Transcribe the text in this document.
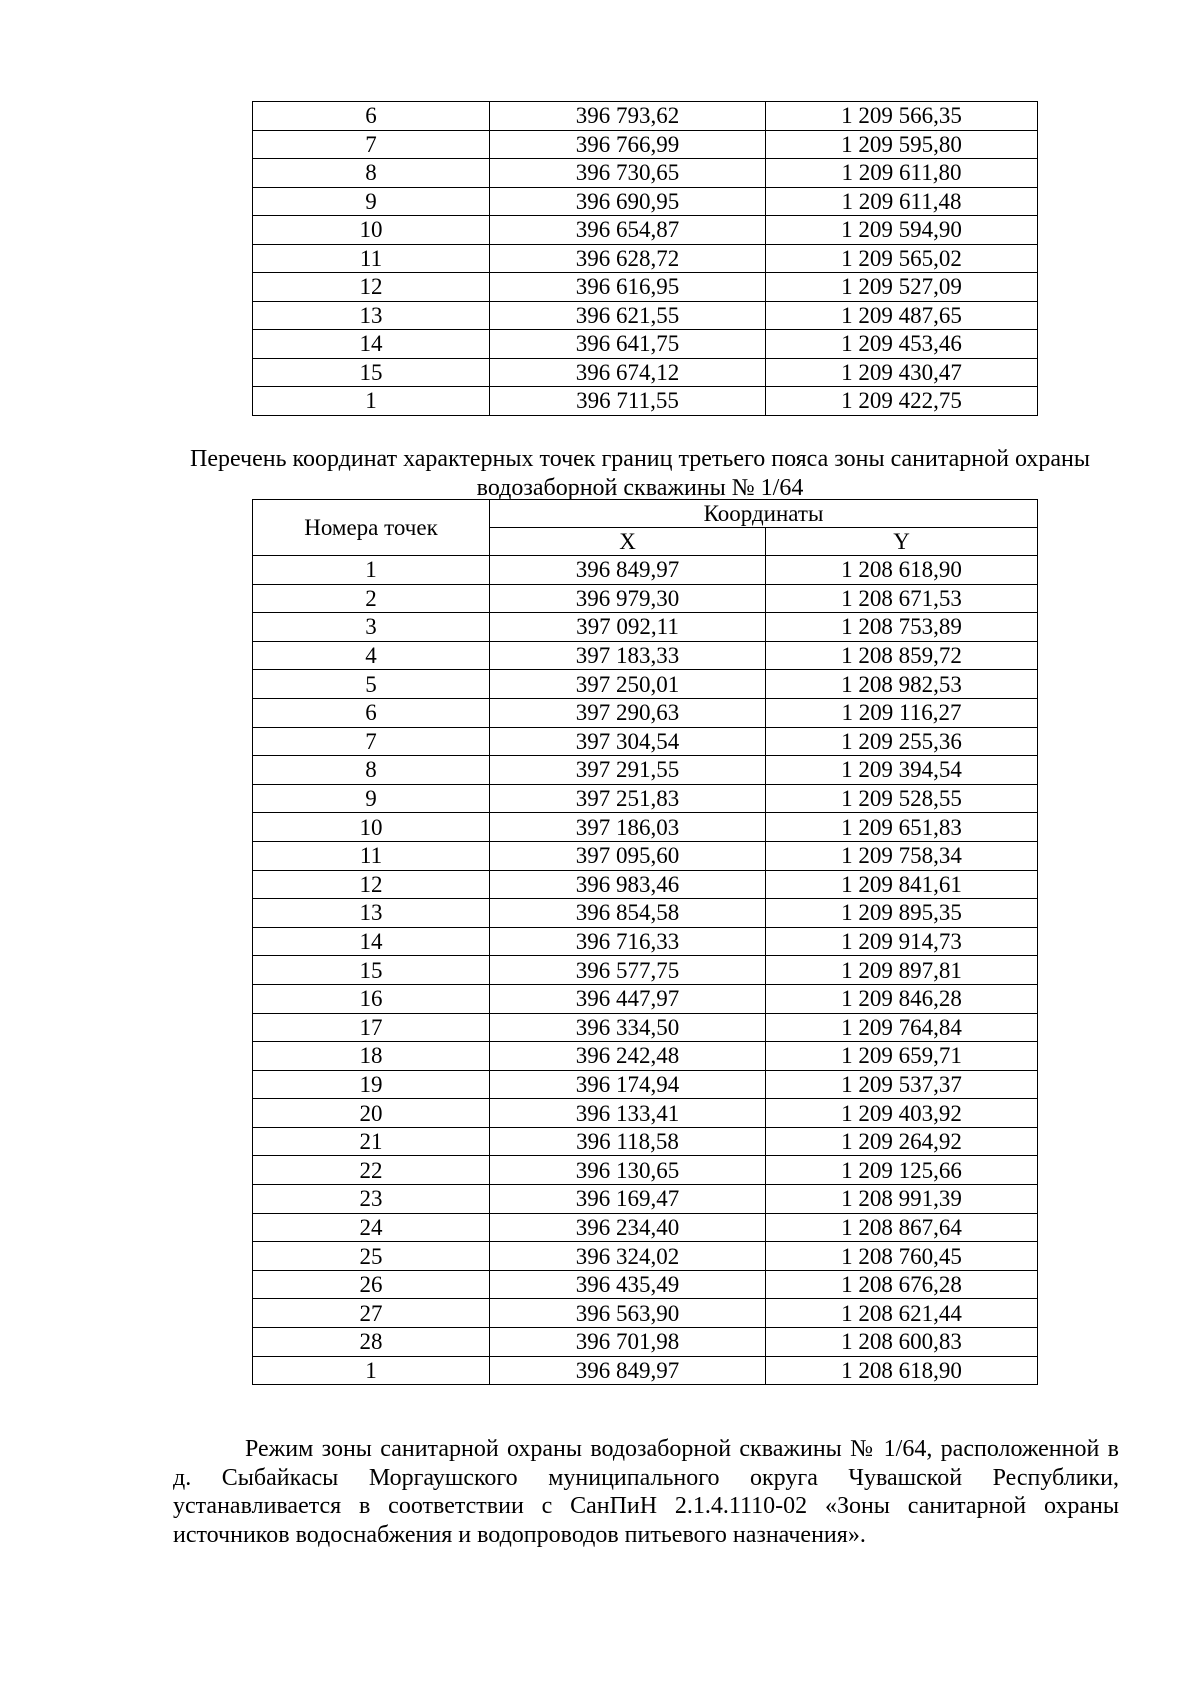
6	396 793,62	1 209 566,35
7	396 766,99	1 209 595,80
8	396 730,65	1 209 611,80
9	396 690,95	1 209 611,48
10	396 654,87	1 209 594,90
11	396 628,72	1 209 565,02
12	396 616,95	1 209 527,09
13	396 621,55	1 209 487,65
14	396 641,75	1 209 453,46
15	396 674,12	1 209 430,47
1	396 711,55	1 209 422,75
Перечень координат характерных точек границ третьего пояса зоны санитарной охраны водозаборной скважины № 1/64
Номера точек	Координаты	
	X	Y
1	396 849,97	1 208 618,90
2	396 979,30	1 208 671,53
3	397 092,11	1 208 753,89
4	397 183,33	1 208 859,72
5	397 250,01	1 208 982,53
6	397 290,63	1 209 116,27
7	397 304,54	1 209 255,36
8	397 291,55	1 209 394,54
9	397 251,83	1 209 528,55
10	397 186,03	1 209 651,83
11	397 095,60	1 209 758,34
12	396 983,46	1 209 841,61
13	396 854,58	1 209 895,35
14	396 716,33	1 209 914,73
15	396 577,75	1 209 897,81
16	396 447,97	1 209 846,28
17	396 334,50	1 209 764,84
18	396 242,48	1 209 659,71
19	396 174,94	1 209 537,37
20	396 133,41	1 209 403,92
21	396 118,58	1 209 264,92
22	396 130,65	1 209 125,66
23	396 169,47	1 208 991,39
24	396 234,40	1 208 867,64
25	396 324,02	1 208 760,45
26	396 435,49	1 208 676,28
27	396 563,90	1 208 621,44
28	396 701,98	1 208 600,83
1	396 849,97	1 208 618,90

Режим зоны санитарной охраны водозаборной скважины № 1/64, расположенной в д. Сыбайкасы Моргаушского муниципального округа Чувашской Республики, устанавливается в соответствии с СанПиН 2.1.4.1110-02 «Зоны санитарной охраны источников водоснабжения и водопроводов питьевого назначения».
